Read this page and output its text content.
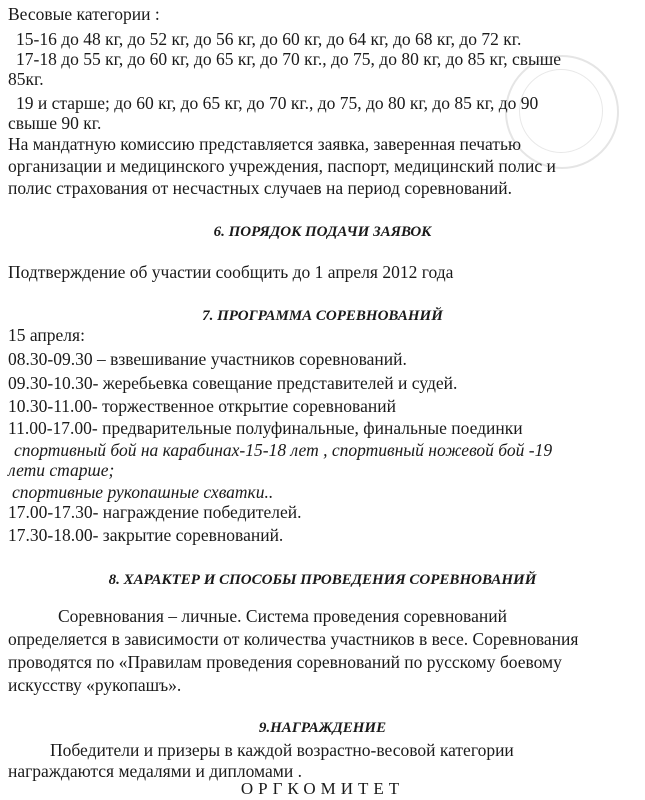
Весовые категории :
15-16 до 48 кг, до 52 кг, до 56 кг, до 60 кг, до 64 кг, до 68 кг, до 72 кг.
17-18 до 55 кг, до 60 кг, до 65 кг, до 70 кг., до 75, до 80 кг, до 85 кг, свыше
85кг.
19 и старше; до 60 кг, до 65 кг, до 70 кг., до 75, до 80 кг, до 85 кг, до 90
свыше 90 кг.
На мандатную комиссию представляется заявка, заверенная печатью
организации и медицинского учреждения, паспорт, медицинский полис и
полис страхования от несчастных случаев на период соревнований.
6. ПОРЯДОК ПОДАЧИ ЗАЯВОК
Подтверждение об участии сообщить до 1 апреля 2012 года
7. ПРОГРАММА СОРЕВНОВАНИЙ
15 апреля:
08.30-09.30 – взвешивание участников соревнований.
09.30-10.30- жеребьевка совещание представителей и судей.
10.30-11.00- торжественное открытие соревнований
11.00-17.00- предварительные полуфинальные, финальные поединки
спортивный бой на карабинах-15-18 лет , спортивный ножевой бой -19
лети старше;
спортивные рукопашные схватки..
17.00-17.30- награждение победителей.
17.30-18.00- закрытие соревнований.
8. ХАРАКТЕР И СПОСОБЫ ПРОВЕДЕНИЯ СОРЕВНОВАНИЙ
Соревнования – личные. Система проведения соревнований
определяется в зависимости от количества участников в весе. Соревнования
проводятся по «Правилам проведения соревнований по русскому боевому
искусству «рукопашъ».
9.НАГРАЖДЕНИЕ
Победители и призеры в каждой возрастно-весовой категории
награждаются медалями и дипломами .
ОРГКОМИТЕТ
